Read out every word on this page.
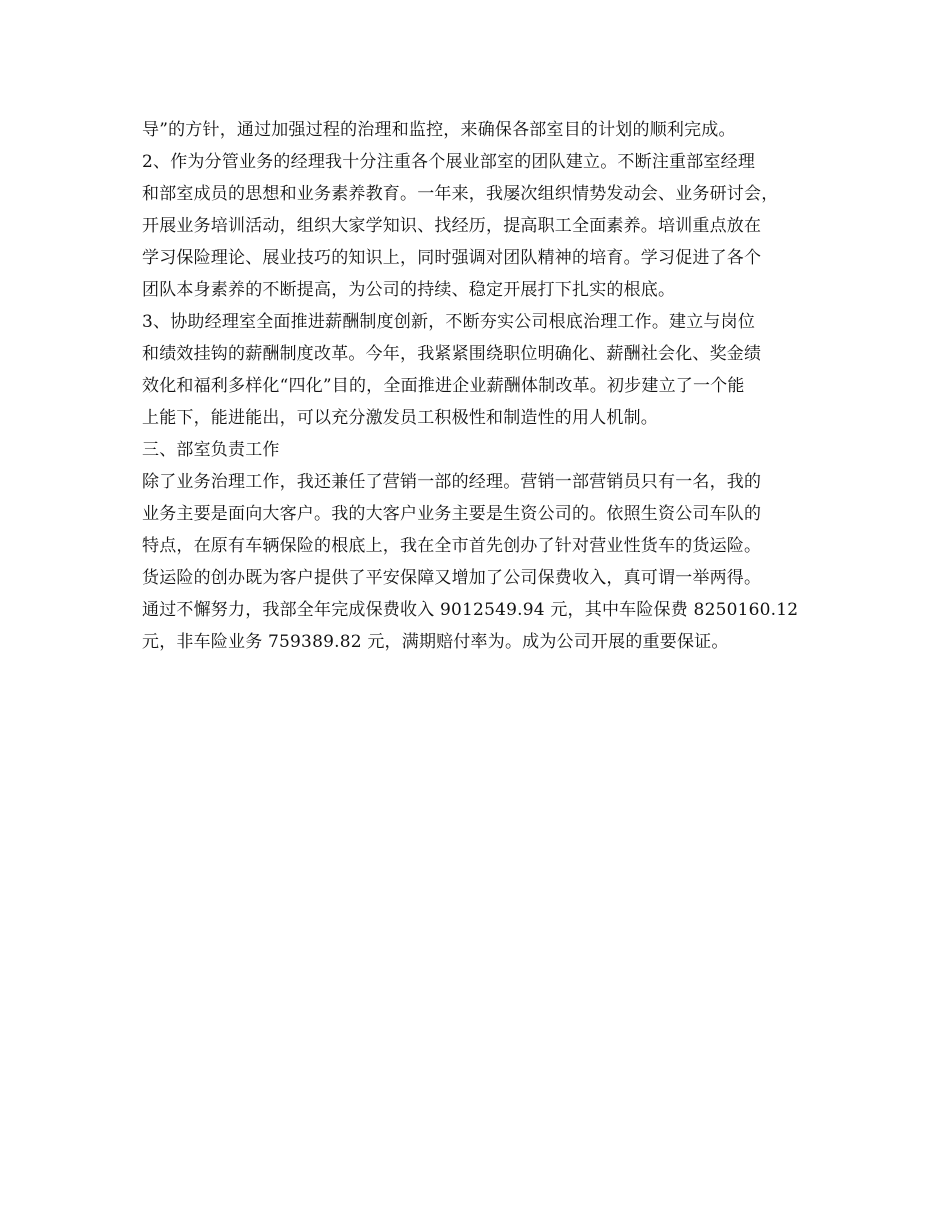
导”的方针，通过加强过程的治理和监控，来确保各部室目的计划的顺利完成。
2、作为分管业务的经理我十分注重各个展业部室的团队建立。不断注重部室经理
和部室成员的思想和业务素养教育。一年来，我屡次组织情势发动会、业务研讨会，
开展业务培训活动，组织大家学知识、找经历，提高职工全面素养。培训重点放在
学习保险理论、展业技巧的知识上，同时强调对团队精神的培育。学习促进了各个
团队本身素养的不断提高，为公司的持续、稳定开展打下扎实的根底。
3、协助经理室全面推进薪酬制度创新，不断夯实公司根底治理工作。建立与岗位
和绩效挂钩的薪酬制度改革。今年，我紧紧围绕职位明确化、薪酬社会化、奖金绩
效化和福利多样化“四化”目的，全面推进企业薪酬体制改革。初步建立了一个能
上能下，能进能出，可以充分激发员工积极性和制造性的用人机制。
三、部室负责工作
除了业务治理工作，我还兼任了营销一部的经理。营销一部营销员只有一名，我的
业务主要是面向大客户。我的大客户业务主要是生资公司的。依照生资公司车队的
特点，在原有车辆保险的根底上，我在全市首先创办了针对营业性货车的货运险。
货运险的创办既为客户提供了平安保障又增加了公司保费收入，真可谓一举两得。
通过不懈努力，我部全年完成保费收入 9012549.94 元，其中车险保费 8250160.12
元，非车险业务 759389.82 元，满期赔付率为。成为公司开展的重要保证。
